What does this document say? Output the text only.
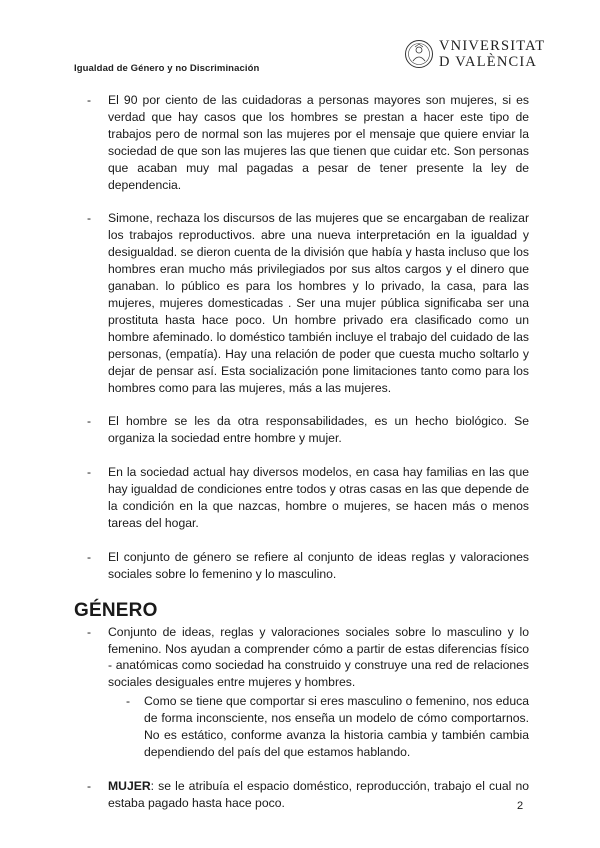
Igualdad de Género y no Discriminación
VNIVERSITAT
D VALÈNCIA
- El 90 por ciento de las cuidadoras a personas mayores son mujeres, si es verdad que hay casos que los hombres se prestan a hacer este tipo de trabajos pero de normal son las mujeres por el mensaje que quiere enviar la sociedad de que son las mujeres las que tienen que cuidar etc. Son personas que acaban muy mal pagadas a pesar de tener presente la ley de dependencia.
- Simone, rechaza los discursos de las mujeres que se encargaban de realizar los trabajos reproductivos. abre una nueva interpretación en la igualdad y desigualdad. se dieron cuenta de la división que había y hasta incluso que los hombres eran mucho más privilegiados por sus altos cargos y el dinero que ganaban. lo público es para los hombres y lo privado, la casa, para las mujeres, mujeres domesticadas . Ser una mujer pública significaba ser una prostituta hasta hace poco. Un hombre privado era clasificado como un hombre afeminado. lo doméstico también incluye el trabajo del cuidado de las personas, (empatía). Hay una relación de poder que cuesta mucho soltarlo y dejar de pensar así. Esta socialización pone limitaciones tanto como para los hombres como para las mujeres, más a las mujeres.
- El hombre se les da otra responsabilidades, es un hecho biológico. Se organiza la sociedad entre hombre y mujer.
- En la sociedad actual hay diversos modelos, en casa hay familias en las que hay igualdad de condiciones entre todos y otras casas en las que depende de la condición en la que nazcas, hombre o mujeres, se hacen más o menos tareas del hogar.
- El conjunto de género se refiere al conjunto de ideas reglas y valoraciones sociales sobre lo femenino y lo masculino.
GÉNERO
- Conjunto de ideas, reglas y valoraciones sociales sobre lo masculino y lo femenino. Nos ayudan a comprender cómo a partir de estas diferencias físico - anatómicas como sociedad ha construido y construye una red de relaciones sociales desiguales entre mujeres y hombres.
- Como se tiene que comportar si eres masculino o femenino, nos educa de forma inconsciente, nos enseña un modelo de cómo comportarnos. No es estático, conforme avanza la historia cambia y también cambia dependiendo del país del que estamos hablando.
- MUJER: se le atribuía el espacio doméstico, reproducción, trabajo el cual no estaba pagado hasta hace poco.	2
